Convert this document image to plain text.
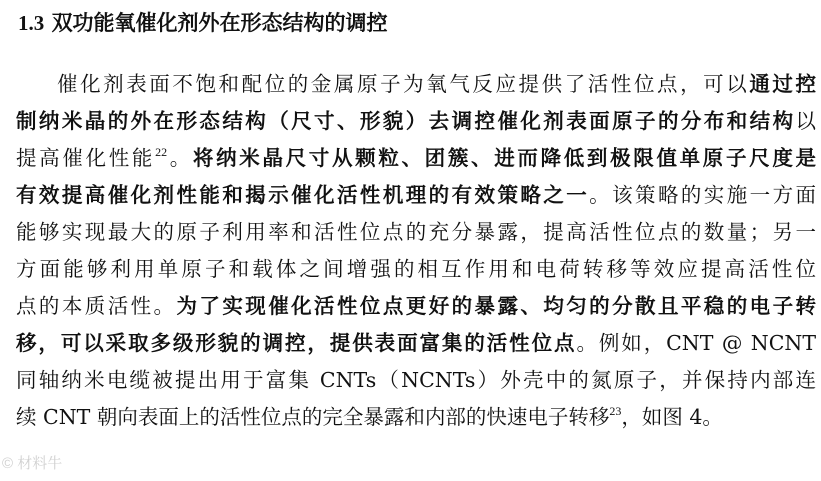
1.3 双功能氧催化剂外在形态结构的调控
催化剂表面不饱和配位的金属原子为氧气反应提供了活性位点，可以通过控
制纳米晶的外在形态结构（尺寸、形貌）去调控催化剂表面原子的分布和结构以
提高催化性能$^{22}$。将纳米晶尺寸从颗粒、团簇、进而降低到极限值单原子尺度是
有效提高催化剂性能和揭示催化活性机理的有效策略之一。该策略的实施一方面
能够实现最大的原子利用率和活性位点的充分暴露，提高活性位点的数量；另一
方面能够利用单原子和载体之间增强的相互作用和电荷转移等效应提高活性位
点的本质活性。为了实现催化活性位点更好的暴露、均匀的分散且平稳的电子转
移，可以采取多级形貌的调控，提供表面富集的活性位点。例如，CNT @ NCNT
同轴纳米电缆被提出用于富集 CNTs（NCNTs）外壳中的氮原子，并保持内部连
续 CNT 朝向表面上的活性位点的完全暴露和内部的快速电子转移$^{23}$，如图 4。
© 材料牛
